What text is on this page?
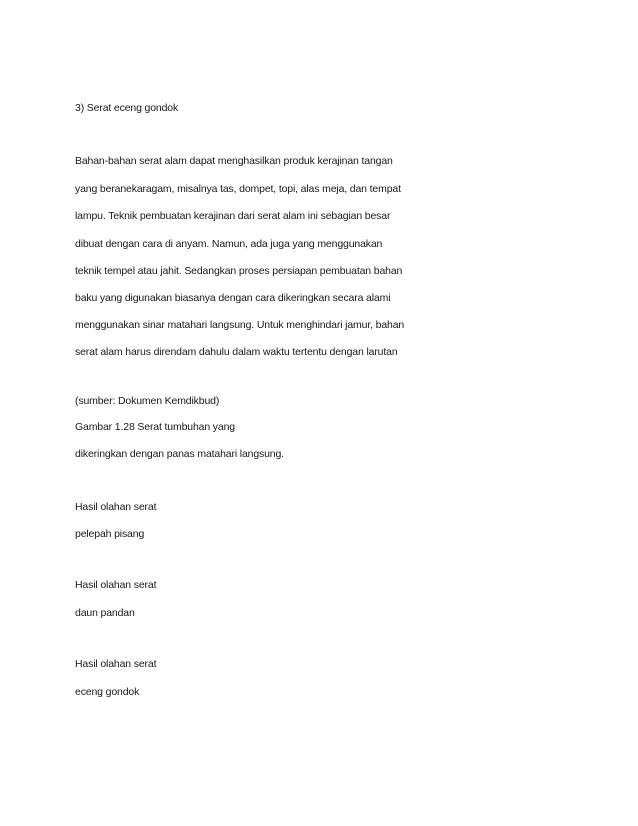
3) Serat eceng gondok
Bahan-bahan serat alam dapat menghasilkan produk kerajinan tangan
yang beranekaragam, misalnya tas, dompet, topi, alas meja, dan tempat
lampu. Teknik pembuatan kerajinan dari serat alam ini sebagian besar
dibuat dengan cara di anyam. Namun, ada juga yang menggunakan
teknik tempel atau jahit. Sedangkan proses persiapan pembuatan bahan
baku yang digunakan biasanya dengan cara dikeringkan secara alami
menggunakan sinar matahari langsung. Untuk menghindari jamur, bahan
serat alam harus direndam dahulu dalam waktu tertentu dengan larutan
(sumber: Dokumen Kemdikbud)
Gambar 1.28 Serat tumbuhan yang
dikeringkan dengan panas matahari langsung.
Hasil olahan serat
pelepah pisang
Hasil olahan serat
daun pandan
Hasil olahan serat
eceng gondok
